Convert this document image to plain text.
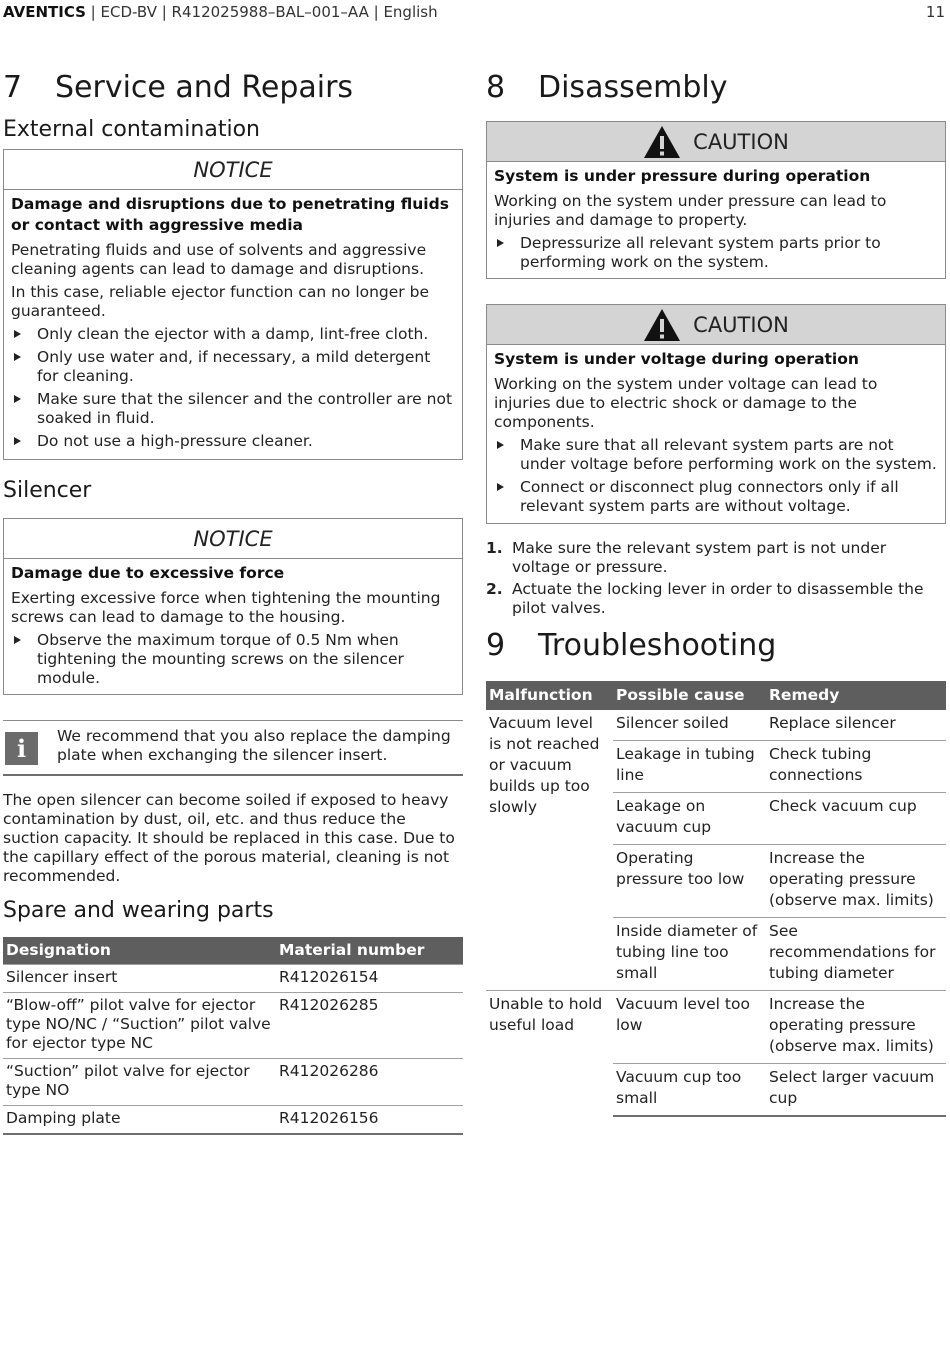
AVENTICS | ECD-BV | R412025988–BAL–001–AA | English	11
7 Service and Repairs
External contamination
NOTICE
Damage and disruptions due to penetrating fluids or contact with aggressive media

Penetrating fluids and use of solvents and aggressive cleaning agents can lead to damage and disruptions.

In this case, reliable ejector function can no longer be guaranteed.

Only clean the ejector with a damp, lint-free cloth.
Only use water and, if necessary, a mild detergent for cleaning.
Make sure that the silencer and the controller are not soaked in fluid.
Do not use a high-pressure cleaner.
Silencer
NOTICE
Damage due to excessive force

Exerting excessive force when tightening the mounting screws can lead to damage to the housing.

Observe the maximum torque of 0.5 Nm when tightening the mounting screws on the silencer module.
i	We recommend that you also replace the damping plate when exchanging the silencer insert.
The open silencer can become soiled if exposed to heavy contamination by dust, oil, etc. and thus reduce the suction capacity. It should be replaced in this case. Due to the capillary effect of the porous material, cleaning is not recommended.
Spare and wearing parts
Designation	Material number
Silencer insert	R412026154
“Blow-off” pilot valve for ejector type NO/NC / “Suction” pilot valve for ejector type NC	R412026285
“Suction” pilot valve for ejector type NO	R412026286
Damping plate	R412026156
8 Disassembly
CAUTION
System is under pressure during operation

Working on the system under pressure can lead to injuries and damage to property.

Depressurize all relevant system parts prior to performing work on the system.
CAUTION
System is under voltage during operation

Working on the system under voltage can lead to injuries due to electric shock or damage to the components.

Make sure that all relevant system parts are not under voltage before performing work on the system.
Connect or disconnect plug connectors only if all relevant system parts are without voltage.
1. Make sure the relevant system part is not under voltage or pressure.
2. Actuate the locking lever in order to disassemble the pilot valves.
9 Troubleshooting
Malfunction	Possible cause	Remedy
Vacuum level is not reached or vacuum builds up too slowly	Silencer soiled	Replace silencer
	Leakage in tubing line	Check tubing connections
	Leakage on vacuum cup	Check vacuum cup
	Operating pressure too low	Increase the operating pressure (observe max. limits)
	Inside diameter of tubing line too small	See recommendations for tubing diameter
Unable to hold useful load	Vacuum level too low	Increase the operating pressure (observe max. limits)
	Vacuum cup too small	Select larger vacuum cup
